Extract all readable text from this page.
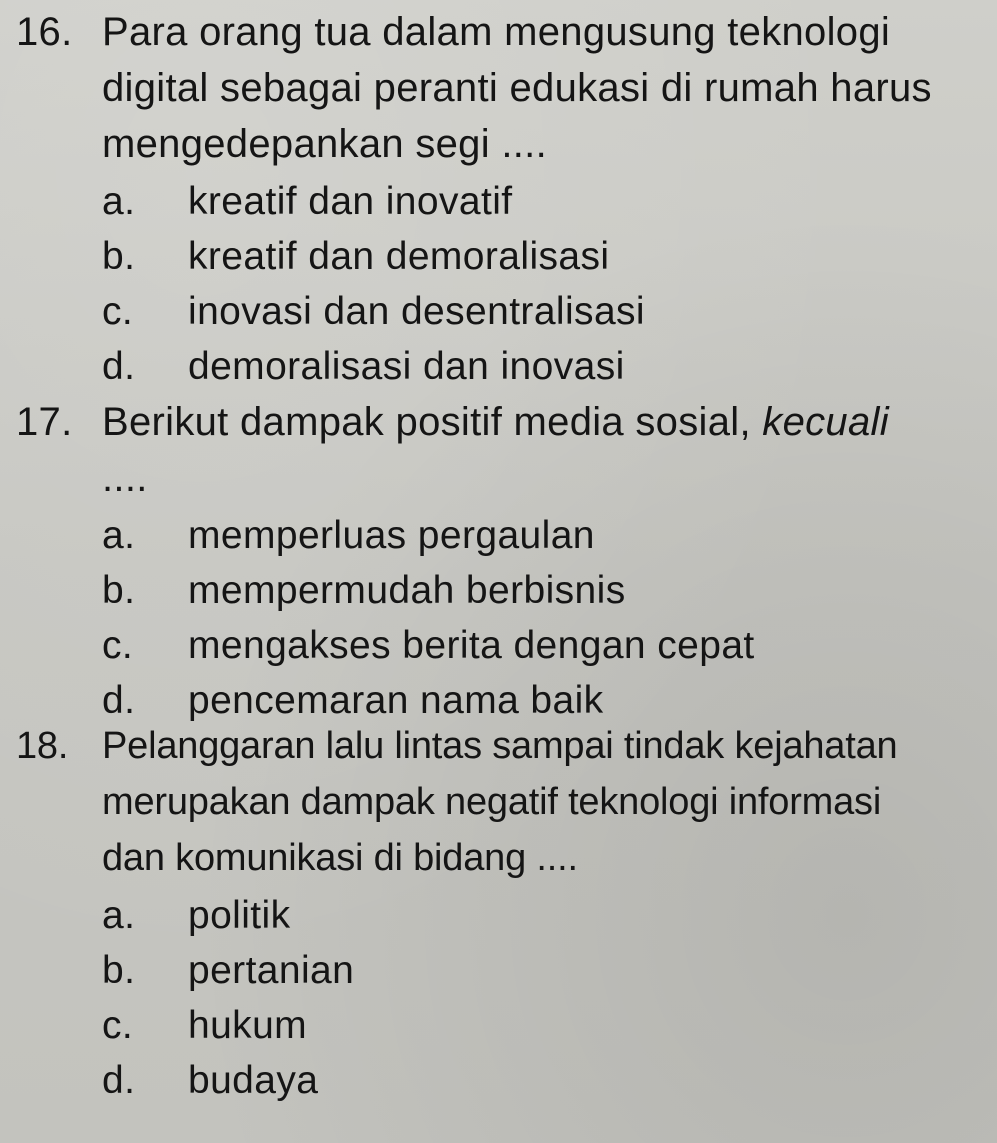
16. Para orang tua dalam mengusung teknologi
digital sebagai peranti edukasi di rumah harus
mengedepankan segi ....
a.	kreatif dan inovatif
b.	kreatif dan demoralisasi
c.	inovasi dan desentralisasi
d.	demoralisasi dan inovasi
17. Berikut dampak positif media sosial, kecuali
....
a.	memperluas pergaulan
b.	mempermudah berbisnis
c.	mengakses berita dengan cepat
d.	pencemaran nama baik
18. Pelanggaran lalu lintas sampai tindak kejahatan
merupakan dampak negatif teknologi informasi
dan komunikasi di bidang ....
a.	politik
b.	pertanian
c.	hukum
d.	budaya
